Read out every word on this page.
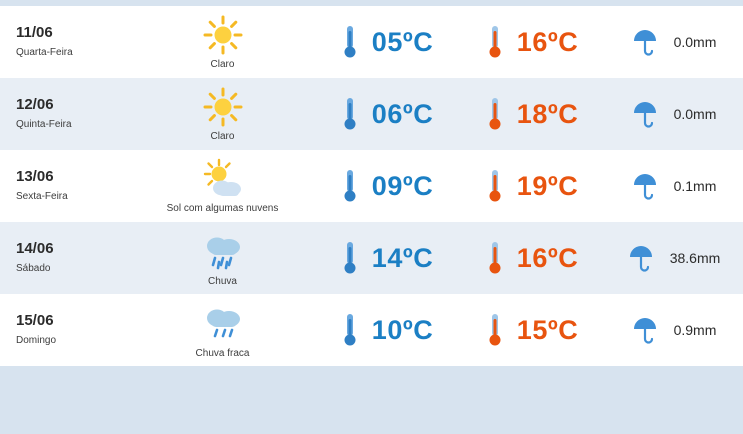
11/06
Quarta-Feira	Claro	05ºC	16ºC	0.0mm

12/06
Quinta-Feira	Claro	06ºC	18ºC	0.0mm

13/06
Sexta-Feira	Sol com algumas nuvens	09ºC	19ºC	0.1mm

14/06
Sábado	Chuva	14ºC	16ºC	38.6mm

15/06
Domingo	Chuva fraca	10ºC	15ºC	0.9mm
